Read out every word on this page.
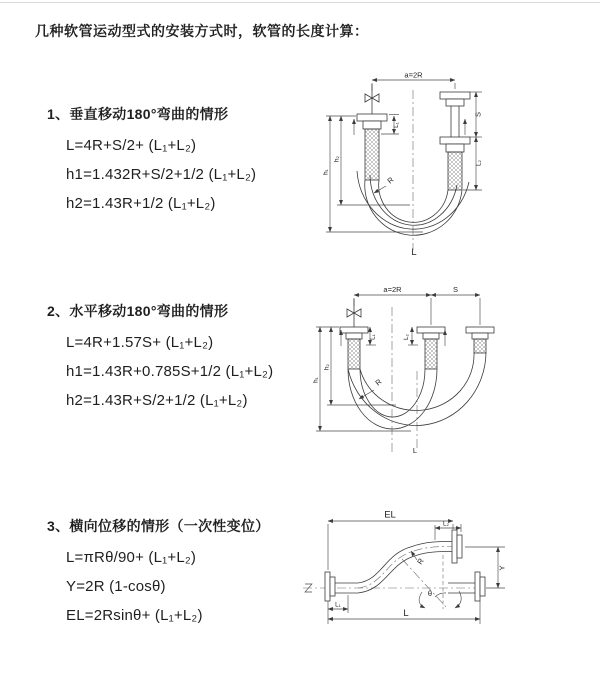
几种软管运动型式的安装方式时，软管的长度计算：
1、垂直移动180°弯曲的情形
L=4R+S/2+ (L₁+L₂)
h1=1.432R+S/2+1/2 (L₁+L₂)
h2=1.43R+1/2 (L₁+L₂)
2、水平移动180°弯曲的情形
L=4R+1.57S+ (L₁+L₂)
h1=1.43R+0.785S+1/2 (L₁+L₂)
h2=1.43R+S/2+1/2 (L₁+L₂)
3、横向位移的情形（一次性变位）
L=πRθ/90+ (L₁+L₂)
Y=2R (1-cosθ)
EL=2Rsinθ+ (L₁+L₂)
a=2R
L₁
S
L₂
h₁
h₂
R
L
a=2R	S
L₁	L₂
h₁
h₂
R
L
EL
L₂
Y
L
L₁
θ
R
